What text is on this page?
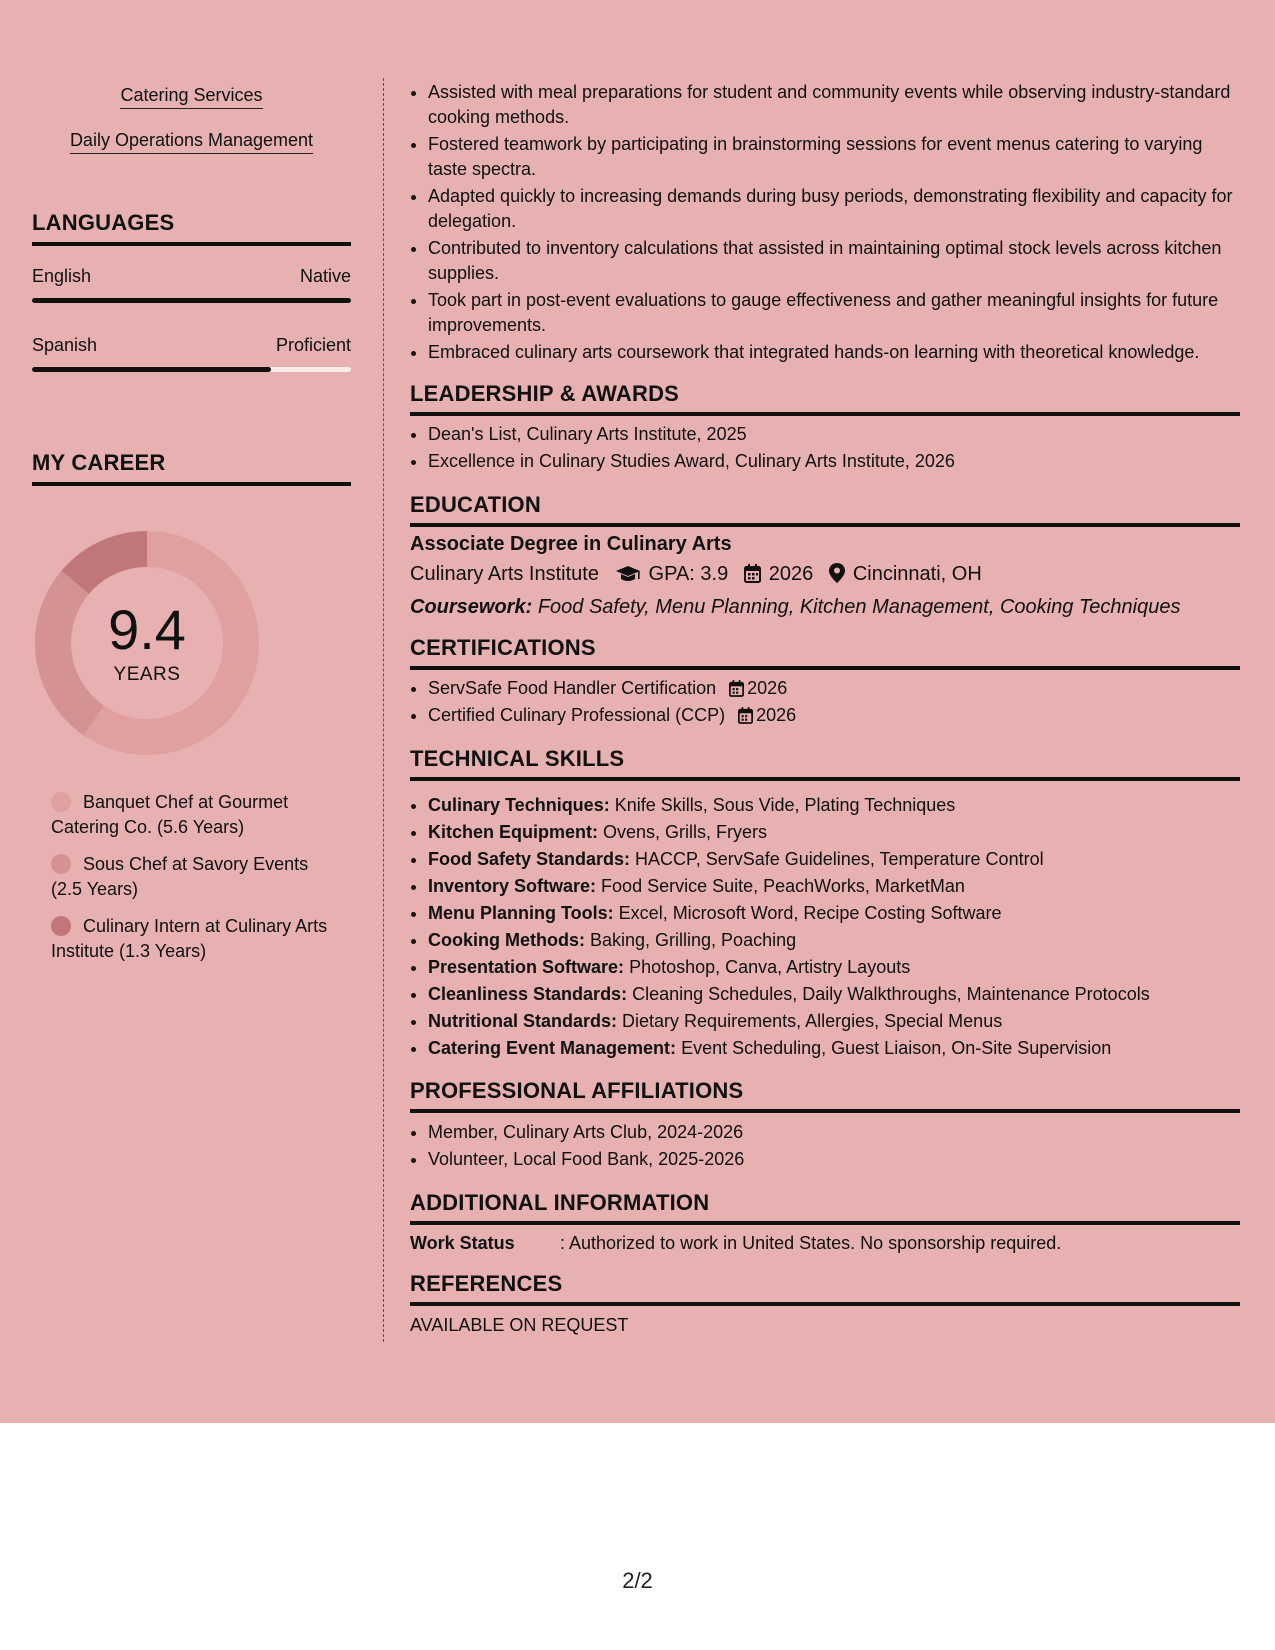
Catering Services
Daily Operations Management
LANGUAGES
English	Native
Spanish	Proficient
MY CAREER
9.4
YEARS
Banquet Chef at Gourmet Catering Co. (5.6 Years)
Sous Chef at Savory Events (2.5 Years)
Culinary Intern at Culinary Arts Institute (1.3 Years)
• Assisted with meal preparations for student and community events while observing industry-standard cooking methods.
• Fostered teamwork by participating in brainstorming sessions for event menus catering to varying taste spectra.
• Adapted quickly to increasing demands during busy periods, demonstrating flexibility and capacity for delegation.
• Contributed to inventory calculations that assisted in maintaining optimal stock levels across kitchen supplies.
• Took part in post-event evaluations to gauge effectiveness and gather meaningful insights for future improvements.
• Embraced culinary arts coursework that integrated hands-on learning with theoretical knowledge.
LEADERSHIP & AWARDS
• Dean's List, Culinary Arts Institute, 2025
• Excellence in Culinary Studies Award, Culinary Arts Institute, 2026
EDUCATION
Associate Degree in Culinary Arts
Culinary Arts Institute GPA: 3.9 2026 Cincinnati, OH
Coursework: Food Safety, Menu Planning, Kitchen Management, Cooking Techniques
CERTIFICATIONS
• ServSafe Food Handler Certification 2026
• Certified Culinary Professional (CCP) 2026
TECHNICAL SKILLS
• Culinary Techniques: Knife Skills, Sous Vide, Plating Techniques
• Kitchen Equipment: Ovens, Grills, Fryers
• Food Safety Standards: HACCP, ServSafe Guidelines, Temperature Control
• Inventory Software: Food Service Suite, PeachWorks, MarketMan
• Menu Planning Tools: Excel, Microsoft Word, Recipe Costing Software
• Cooking Methods: Baking, Grilling, Poaching
• Presentation Software: Photoshop, Canva, Artistry Layouts
• Cleanliness Standards: Cleaning Schedules, Daily Walkthroughs, Maintenance Protocols
• Nutritional Standards: Dietary Requirements, Allergies, Special Menus
• Catering Event Management: Event Scheduling, Guest Liaison, On-Site Supervision
PROFESSIONAL AFFILIATIONS
• Member, Culinary Arts Club, 2024-2026
• Volunteer, Local Food Bank, 2025-2026
ADDITIONAL INFORMATION
Work Status	: Authorized to work in United States. No sponsorship required.
REFERENCES
AVAILABLE ON REQUEST
2/2
